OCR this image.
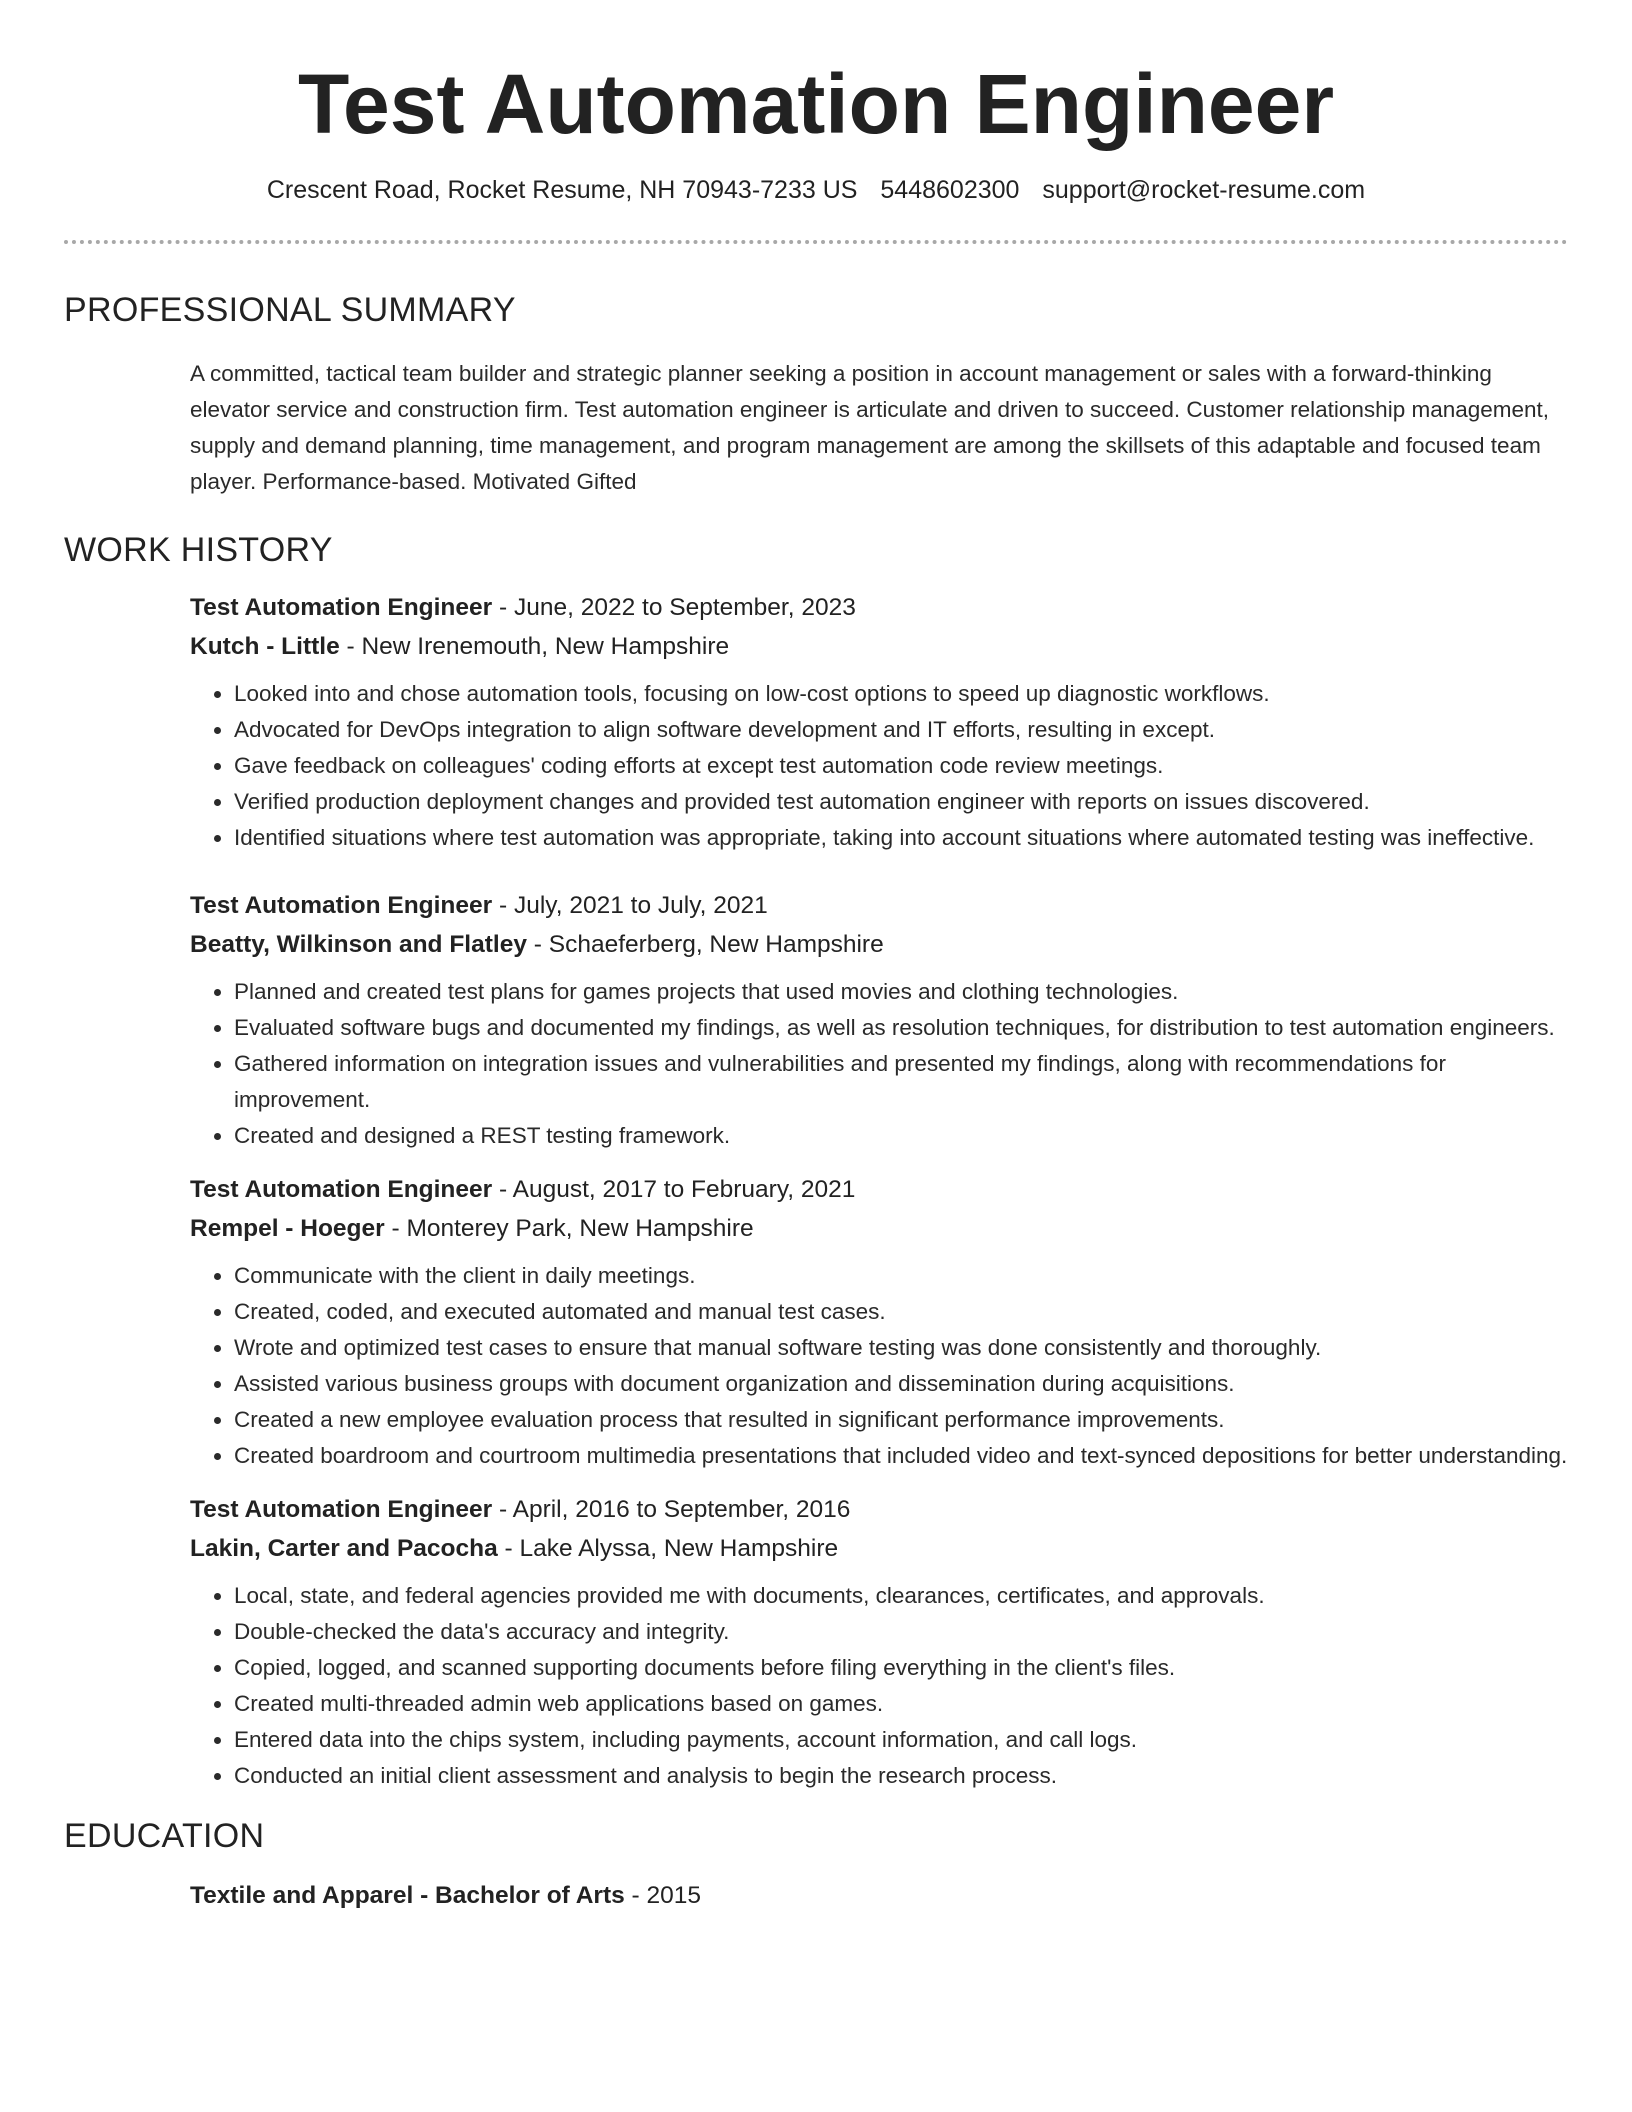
Test Automation Engineer
Crescent Road, Rocket Resume, NH 70943-7233 US 5448602300 support@rocket-resume.com
PROFESSIONAL SUMMARY

A committed, tactical team builder and strategic planner seeking a position in account management or sales with a forward-thinking elevator service and construction firm. Test automation engineer is articulate and driven to succeed. Customer relationship management, supply and demand planning, time management, and program management are among the skillsets of this adaptable and focused team player. Performance-based. Motivated Gifted

WORK HISTORY
Test Automation Engineer - June, 2022 to September, 2023
Kutch - Little - New Irenemouth, New Hampshire
• Looked into and chose automation tools, focusing on low-cost options to speed up diagnostic workflows.
• Advocated for DevOps integration to align software development and IT efforts, resulting in except.
• Gave feedback on colleagues' coding efforts at except test automation code review meetings.
• Verified production deployment changes and provided test automation engineer with reports on issues discovered.
• Identified situations where test automation was appropriate, taking into account situations where automated testing was ineffective.
Test Automation Engineer - July, 2021 to July, 2021
Beatty, Wilkinson and Flatley - Schaeferberg, New Hampshire
• Planned and created test plans for games projects that used movies and clothing technologies.
• Evaluated software bugs and documented my findings, as well as resolution techniques, for distribution to test automation engineers.
• Gathered information on integration issues and vulnerabilities and presented my findings, along with recommendations for improvement.
• Created and designed a REST testing framework.
Test Automation Engineer - August, 2017 to February, 2021
Rempel - Hoeger - Monterey Park, New Hampshire
• Communicate with the client in daily meetings.
• Created, coded, and executed automated and manual test cases.
• Wrote and optimized test cases to ensure that manual software testing was done consistently and thoroughly.
• Assisted various business groups with document organization and dissemination during acquisitions.
• Created a new employee evaluation process that resulted in significant performance improvements.
• Created boardroom and courtroom multimedia presentations that included video and text-synced depositions for better understanding.
Test Automation Engineer - April, 2016 to September, 2016
Lakin, Carter and Pacocha - Lake Alyssa, New Hampshire
• Local, state, and federal agencies provided me with documents, clearances, certificates, and approvals.
• Double-checked the data's accuracy and integrity.
• Copied, logged, and scanned supporting documents before filing everything in the client's files.
• Created multi-threaded admin web applications based on games.
• Entered data into the chips system, including payments, account information, and call logs.
• Conducted an initial client assessment and analysis to begin the research process.
EDUCATION
Textile and Apparel - Bachelor of Arts - 2015
